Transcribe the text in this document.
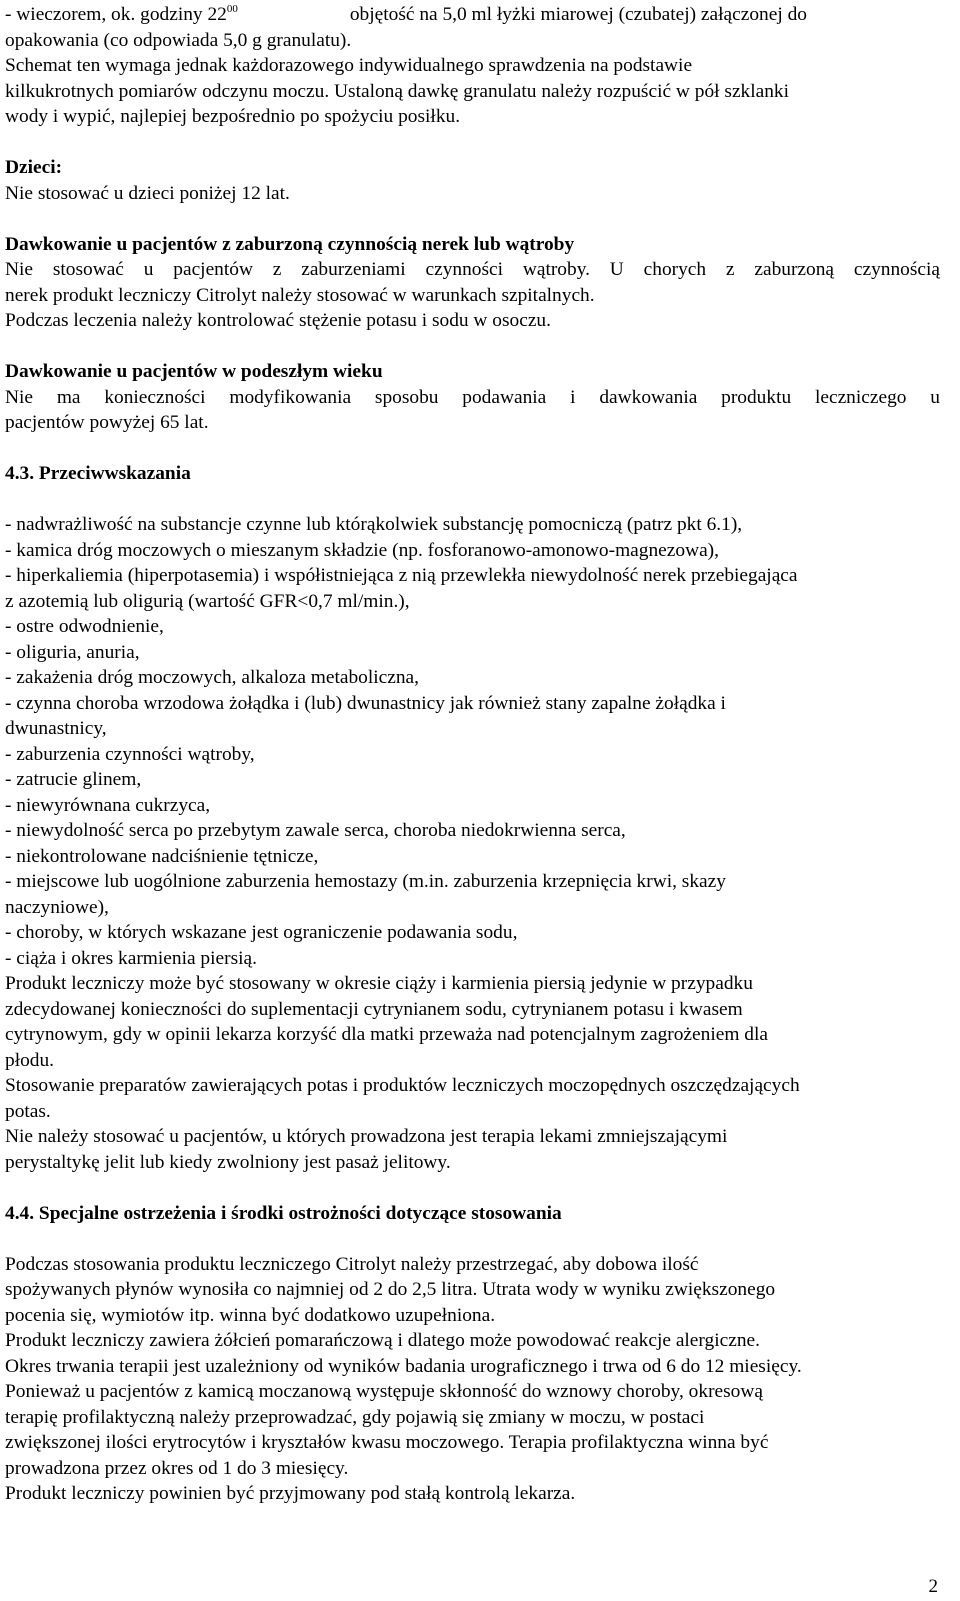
- wieczorem, ok. godziny $22^{00}$	objętość na 5,0 ml łyżki miarowej (czubatej) załączonej do

opakowania (co odpowiada 5,0 g granulatu).

Schemat ten wymaga jednak każdorazowego indywidualnego sprawdzenia na podstawie

kilkukrotnych pomiarów odczynu moczu. Ustaloną dawkę granulatu należy rozpuścić w pół szklanki

wody i wypić, najlepiej bezpośrednio po spożyciu posiłku.

Dzieci:

Nie stosować u dzieci poniżej 12 lat.

Dawkowanie u pacjentów z zaburzoną czynnością nerek lub wątroby

Nie stosować u pacjentów z zaburzeniami czynności wątroby. U chorych z zaburzoną czynnością

nerek produkt leczniczy Citrolyt należy stosować w warunkach szpitalnych.

Podczas leczenia należy kontrolować stężenie potasu i sodu w osoczu.

Dawkowanie u pacjentów w podeszłym wieku

Nie ma konieczności modyfikowania sposobu podawania i dawkowania produktu leczniczego u

pacjentów powyżej 65 lat.

4.3. Przeciwwskazania

- nadwrażliwość na substancje czynne lub którąkolwiek substancję pomocniczą (patrz pkt 6.1),

- kamica dróg moczowych o mieszanym składzie (np. fosforanowo-amonowo-magnezowa),

- hiperkaliemia (hiperpotasemia) i współistniejąca z nią przewlekła niewydolność nerek przebiegająca

z azotemią lub oligurią (wartość GFR<0,7 ml/min.),

- ostre odwodnienie,

- oliguria, anuria,

- zakażenia dróg moczowych, alkaloza metaboliczna,

- czynna choroba wrzodowa żołądka i (lub) dwunastnicy jak również stany zapalne żołądka i

dwunastnicy,

- zaburzenia czynności wątroby,

- zatrucie glinem,

- niewyrównana cukrzyca,

- niewydolność serca po przebytym zawale serca, choroba niedokrwienna serca,

- niekontrolowane nadciśnienie tętnicze,

- miejscowe lub uogólnione zaburzenia hemostazy (m.in. zaburzenia krzepnięcia krwi, skazy

naczyniowe),

- choroby, w których wskazane jest ograniczenie podawania sodu,

- ciąża i okres karmienia piersią.

Produkt leczniczy może być stosowany w okresie ciąży i karmienia piersią jedynie w przypadku

zdecydowanej konieczności do suplementacji cytrynianem sodu, cytrynianem potasu i kwasem

cytrynowym, gdy w opinii lekarza korzyść dla matki przeważa nad potencjalnym zagrożeniem dla

płodu.

Stosowanie preparatów zawierających potas i produktów leczniczych moczopędnych oszczędzających

potas.

Nie należy stosować u pacjentów, u których prowadzona jest terapia lekami zmniejszającymi

perystaltykę jelit lub kiedy zwolniony jest pasaż jelitowy.

4.4. Specjalne ostrzeżenia i środki ostrożności dotyczące stosowania

Podczas stosowania produktu leczniczego Citrolyt należy przestrzegać, aby dobowa ilość

spożywanych płynów wynosiła co najmniej od 2 do 2,5 litra. Utrata wody w wyniku zwiększonego

pocenia się, wymiotów itp. winna być dodatkowo uzupełniona.

Produkt leczniczy zawiera żółcień pomarańczową i dlatego może powodować reakcje alergiczne.

Okres trwania terapii jest uzależniony od wyników badania urograficznego i trwa od 6 do 12 miesięcy.

Ponieważ u pacjentów z kamicą moczanową występuje skłonność do wznowy choroby, okresową

terapię profilaktyczną należy przeprowadzać, gdy pojawią się zmiany w moczu, w postaci

zwiększonej ilości erytrocytów i kryształów kwasu moczowego. Terapia profilaktyczna winna być

prowadzona przez okres od 1 do 3 miesięcy.

Produkt leczniczy powinien być przyjmowany pod stałą kontrolą lekarza.

2
